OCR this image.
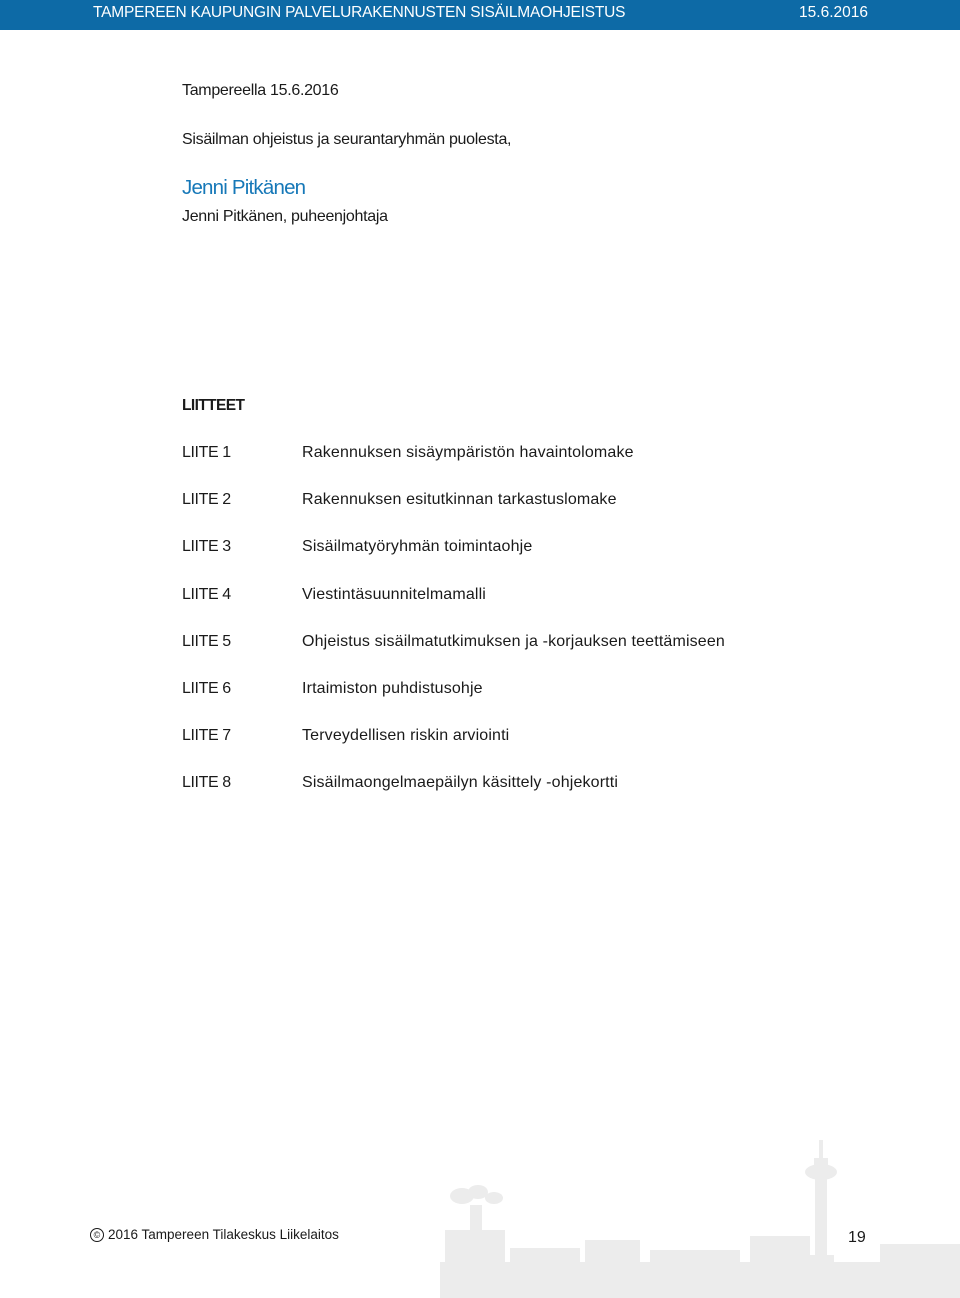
TAMPEREEN KAUPUNGIN PALVELURAKENNUSTEN SISÄILMAOHJEISTUS	15.6.2016
Tampereella 15.6.2016
Sisäilman ohjeistus ja seurantaryhmän puolesta,
Jenni Pitkänen
Jenni Pitkänen, puheenjohtaja
LIITTEET
LIITE 1	Rakennuksen sisäympäristön havaintolomake
LIITE 2	Rakennuksen esitutkinnan tarkastuslomake
LIITE 3	Sisäilmatyöryhmän toimintaohje
LIITE 4	Viestintäsuunnitelmamalli
LIITE 5	Ohjeistus sisäilmatutkimuksen ja -korjauksen teettämiseen
LIITE 6	Irtaimiston puhdistusohje
LIITE 7	Terveydellisen riskin arviointi
LIITE 8	Sisäilmaongelmaepäilyn käsittely -ohjekortti
© 2016 Tampereen Tilakeskus Liikelaitos	19
